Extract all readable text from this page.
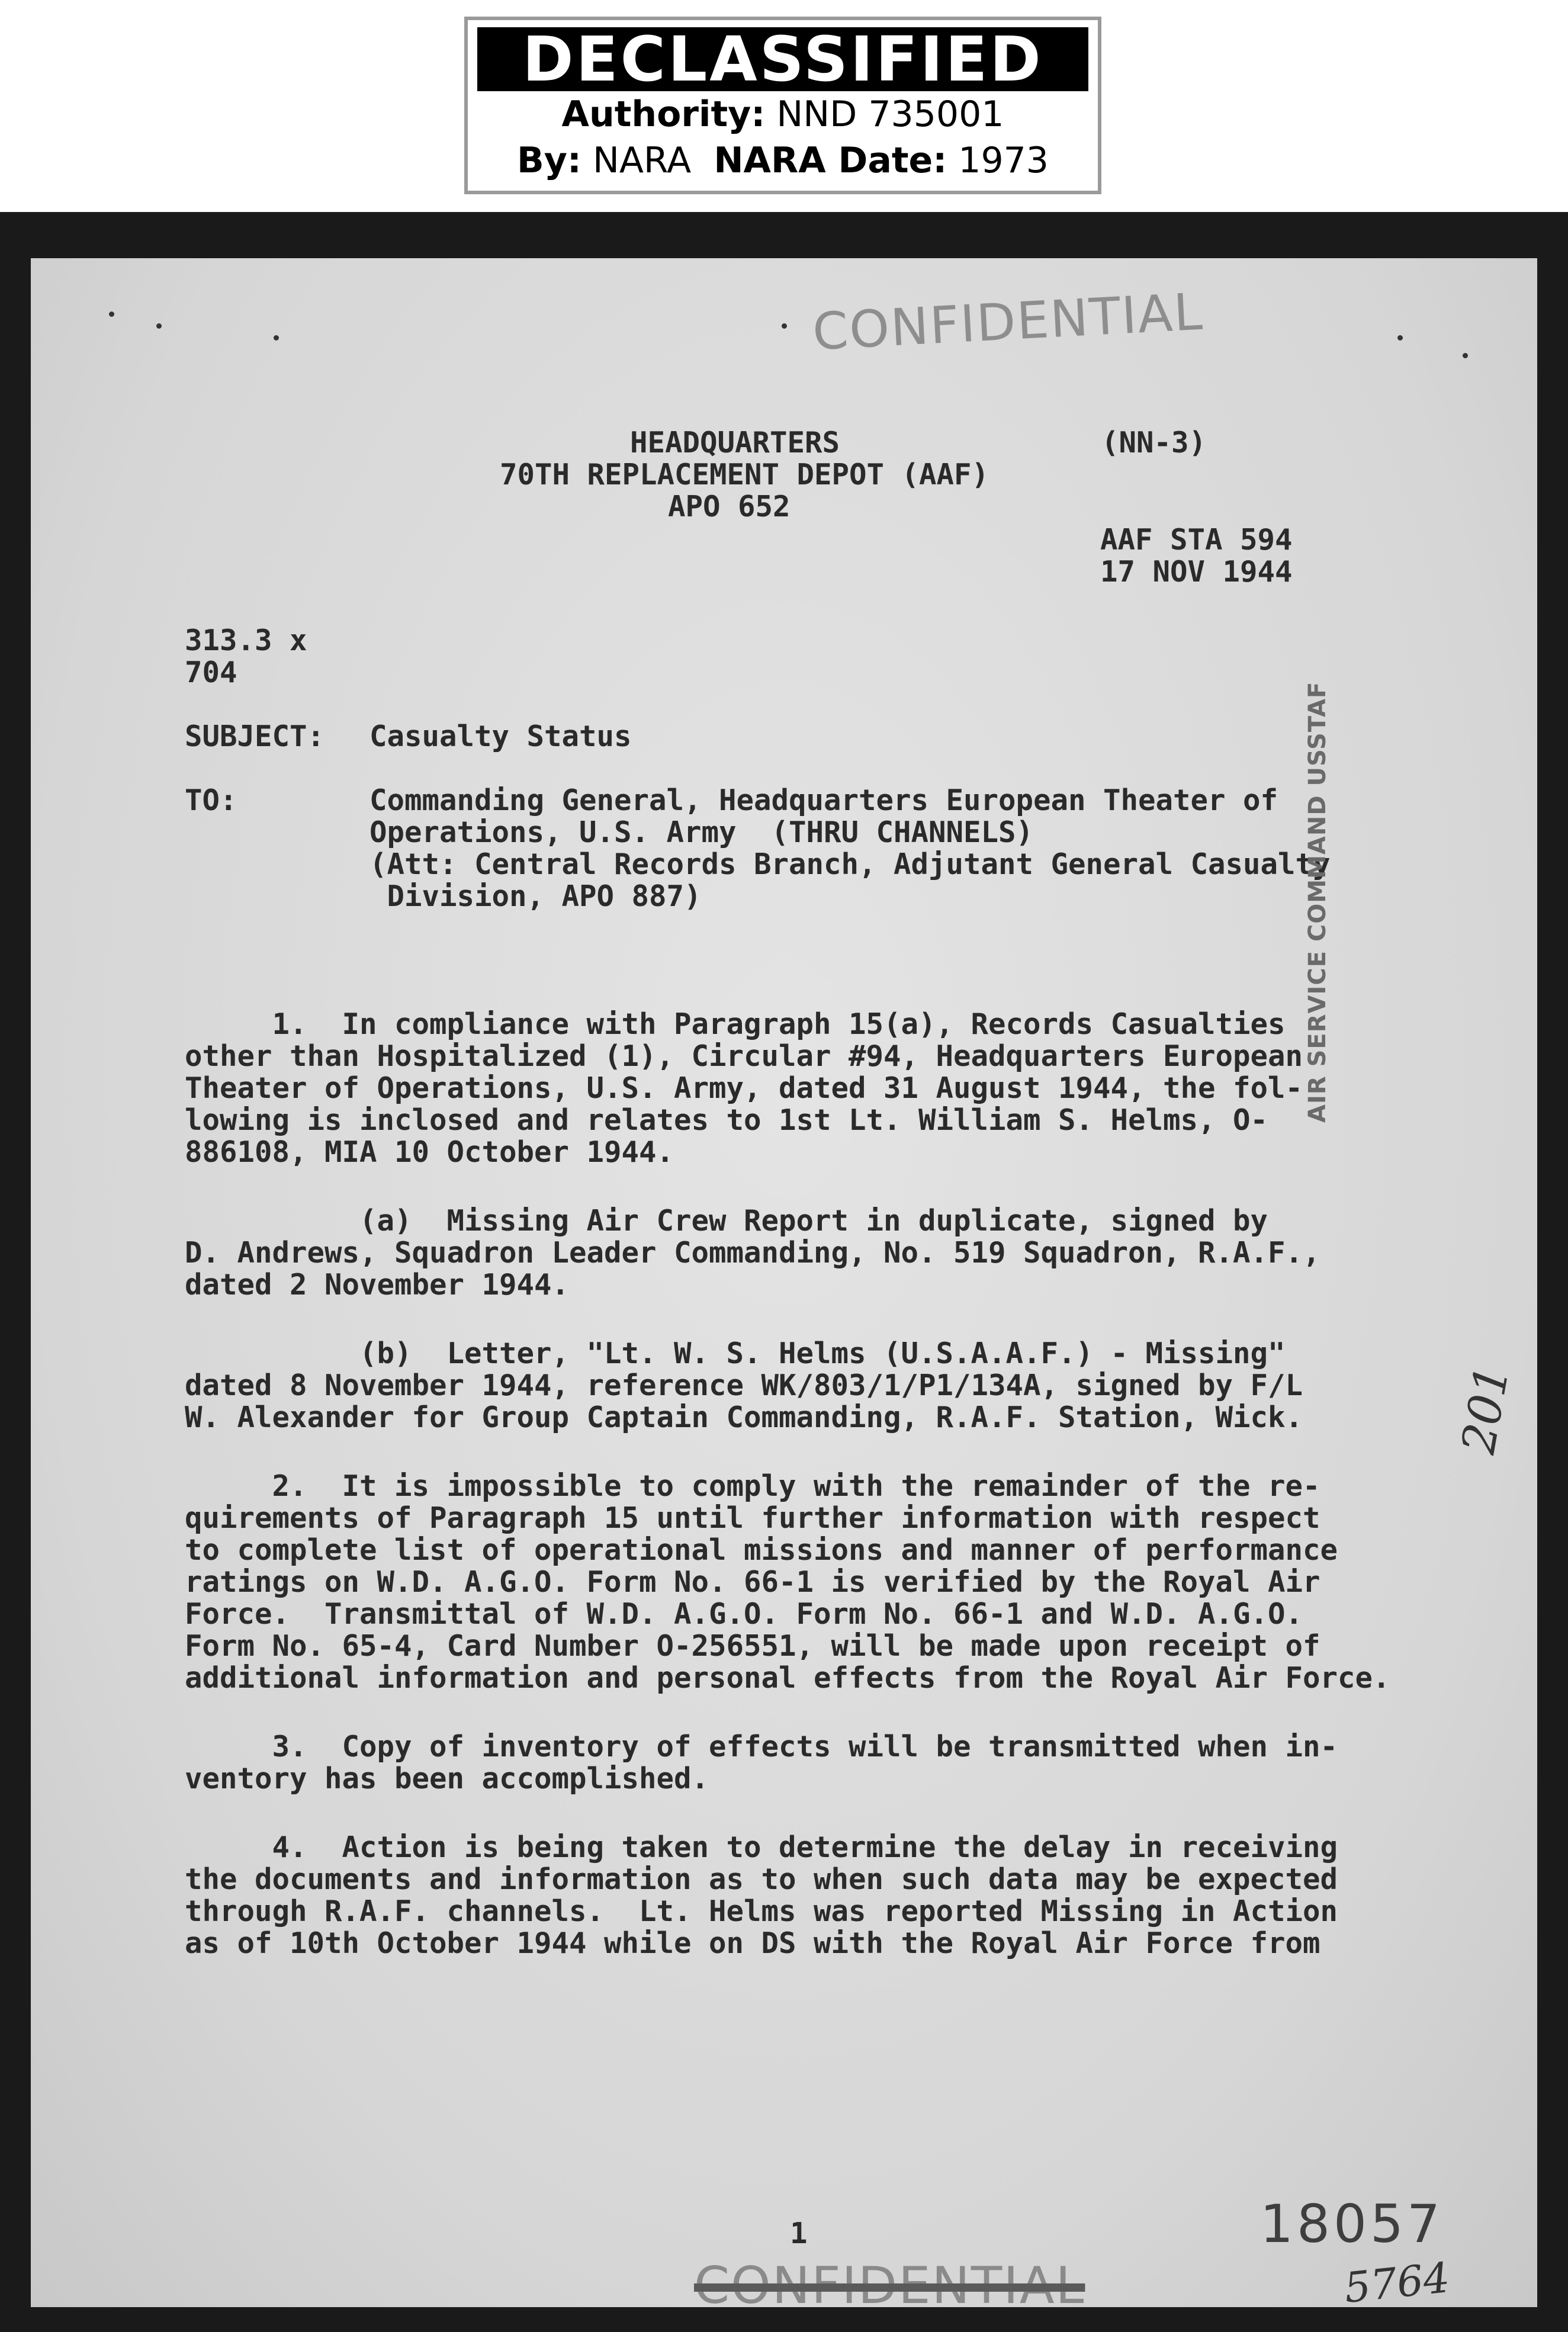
DECLASSIFIED
Authority: NND 735001
By: NARA NARA Date: 1973
CONFIDENTIAL
HEADQUARTERS
70TH REPLACEMENT DEPOT (AAF)
APO 652
(NN-3)
AAF STA 594
17 NOV 1944
313.3 x
704
SUBJECT: Casualty Status
TO:	Commanding General, Headquarters European Theater of
Operations, U.S. Army  (THRU CHANNELS)
(Att: Central Records Branch, Adjutant General Casualty
Division, APO 887)
1.  In compliance with Paragraph 15(a), Records Casualties
other than Hospitalized (1), Circular #94, Headquarters European
Theater of Operations, U.S. Army, dated 31 August 1944, the fol-
lowing is inclosed and relates to 1st Lt. William S. Helms, O-
886108, MIA 10 October 1944.
(a)  Missing Air Crew Report in duplicate, signed by
D. Andrews, Squadron Leader Commanding, No. 519 Squadron, R.A.F.,
dated 2 November 1944.
(b)  Letter, "Lt. W. S. Helms (U.S.A.A.F.) - Missing"
dated 8 November 1944, reference WK/803/1/P1/134A, signed by F/L
W. Alexander for Group Captain Commanding, R.A.F. Station, Wick.
2.  It is impossible to comply with the remainder of the re-
quirements of Paragraph 15 until further information with respect
to complete list of operational missions and manner of performance
ratings on W.D. A.G.O. Form No. 66-1 is verified by the Royal Air
Force.  Transmittal of W.D. A.G.O. Form No. 66-1 and W.D. A.G.O.
Form No. 65-4, Card Number O-256551, will be made upon receipt of
additional information and personal effects from the Royal Air Force.
3.  Copy of inventory of effects will be transmitted when in-
ventory has been accomplished.
4.  Action is being taken to determine the delay in receiving
the documents and information as to when such data may be expected
through R.A.F. channels.  Lt. Helms was reported Missing in Action
as of 10th October 1944 while on DS with the Royal Air Force from
AIR SERVICE COMMAND USSTAF
201
1	18057
CONFIDENTIAL	5764
